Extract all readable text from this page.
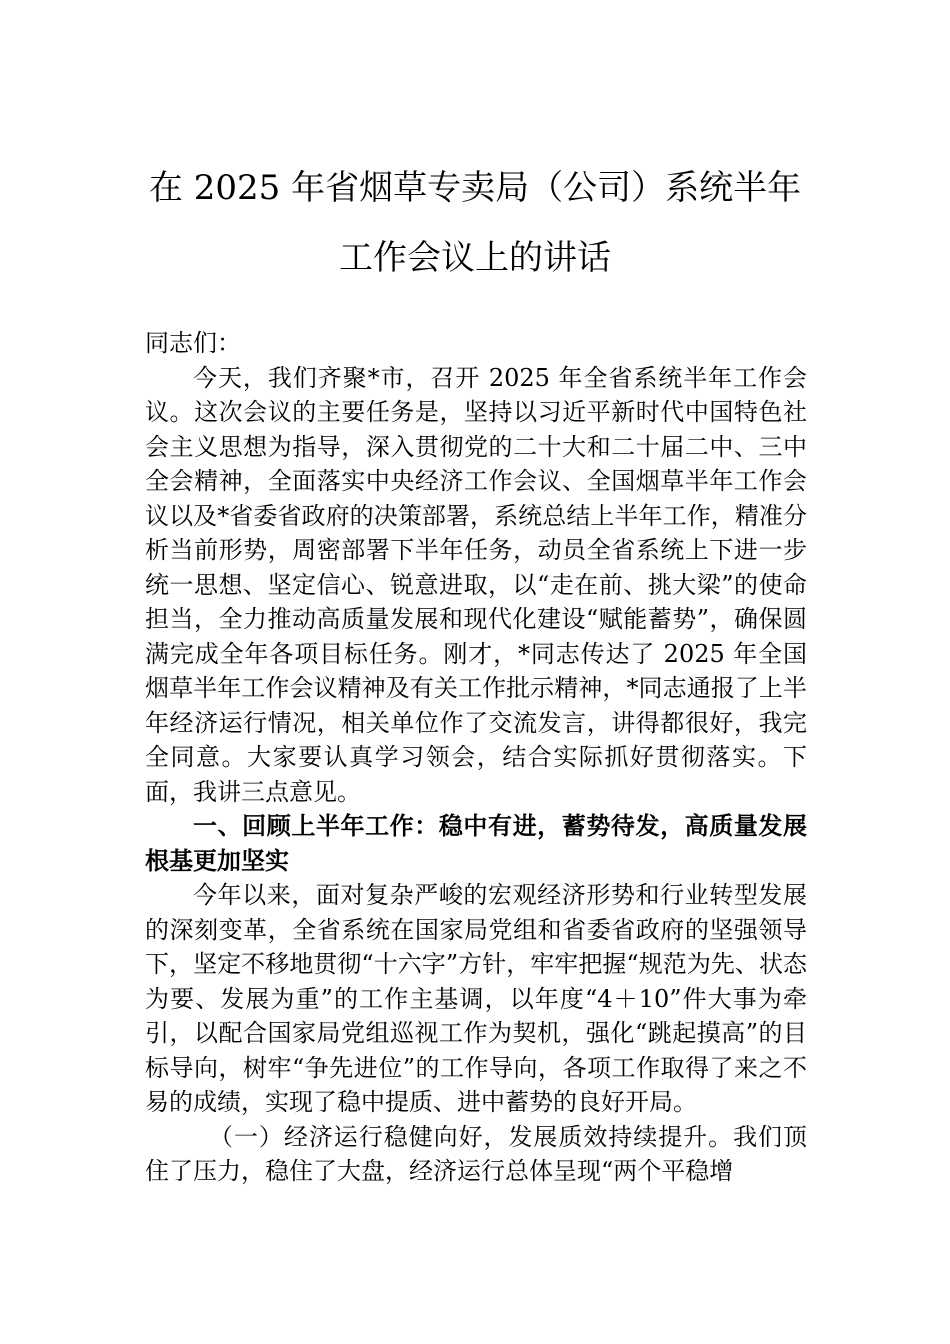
在 2025 年省烟草专卖局（公司）系统半年
工作会议上的讲话

同志们：

今天，我们齐聚*市，召开 2025 年全省系统半年工作会议。这次会议的主要任务是，坚持以习近平新时代中国特色社会主义思想为指导，深入贯彻党的二十大和二十届二中、三中全会精神，全面落实中央经济工作会议、全国烟草半年工作会议以及*省委省政府的决策部署，系统总结上半年工作，精准分析当前形势，周密部署下半年任务，动员全省系统上下进一步统一思想、坚定信心、锐意进取，以“走在前、挑大梁”的使命担当，全力推动高质量发展和现代化建设“赋能蓄势”，确保圆满完成全年各项目标任务。刚才，*同志传达了 2025 年全国烟草半年工作会议精神及有关工作批示精神，*同志通报了上半年经济运行情况，相关单位作了交流发言，讲得都很好，我完全同意。大家要认真学习领会，结合实际抓好贯彻落实。下面，我讲三点意见。

一、回顾上半年工作：稳中有进，蓄势待发，高质量发展根基更加坚实

今年以来，面对复杂严峻的宏观经济形势和行业转型发展的深刻变革，全省系统在国家局党组和省委省政府的坚强领导下，坚定不移地贯彻“十六字”方针，牢牢把握“规范为先、状态为要、发展为重”的工作主基调，以年度“4＋10”件大事为牵引，以配合国家局党组巡视工作为契机，强化“跳起摸高”的目标导向，树牢“争先进位”的工作导向，各项工作取得了来之不易的成绩，实现了稳中提质、进中蓄势的良好开局。

（一）经济运行稳健向好，发展质效持续提升。我们顶住了压力，稳住了大盘，经济运行总体呈现“两个平稳增
